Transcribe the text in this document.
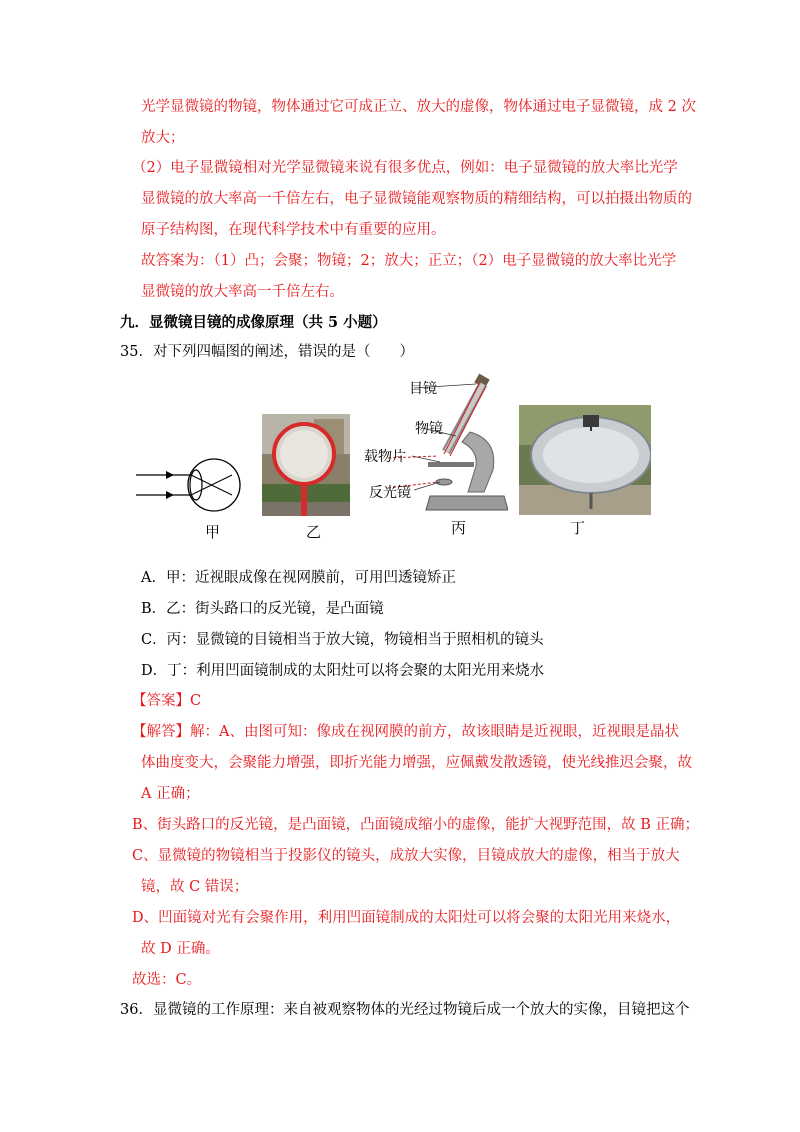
光学显微镜的物镜，物体通过它可成正立、放大的虚像，物体通过电子显微镜，成 2 次
放大；
（2）电子显微镜相对光学显微镜来说有很多优点，例如：电子显微镜的放大率比光学
显微镜的放大率高一千倍左右，电子显微镜能观察物质的精细结构，可以拍摄出物质的
原子结构图，在现代科学技术中有重要的应用。
故答案为：（1）凸；会聚；物镜；2；放大；正立；（2）电子显微镜的放大率比光学
显微镜的放大率高一千倍左右。
九．显微镜目镜的成像原理（共 5 小题）
35．对下列四幅图的阐述，错误的是（　　）
甲	乙
目镜
物镜
载物片
反光镜
丙	丁
A．甲：近视眼成像在视网膜前，可用凹透镜矫正
B．乙：街头路口的反光镜，是凸面镜
C．丙：显微镜的目镜相当于放大镜，物镜相当于照相机的镜头
D．丁：利用凹面镜制成的太阳灶可以将会聚的太阳光用来烧水
【答案】C
【解答】解：A、由图可知：像成在视网膜的前方，故该眼睛是近视眼，近视眼是晶状
体曲度变大，会聚能力增强，即折光能力增强，应佩戴发散透镜，使光线推迟会聚，故
A 正确；
B、街头路口的反光镜，是凸面镜，凸面镜成缩小的虚像，能扩大视野范围，故 B 正确；
C、显微镜的物镜相当于投影仪的镜头，成放大实像，目镜成放大的虚像，相当于放大
镜，故 C 错误；
D、凹面镜对光有会聚作用，利用凹面镜制成的太阳灶可以将会聚的太阳光用来烧水，
故 D 正确。
故选：C。
36．显微镜的工作原理：来自被观察物体的光经过物镜后成一个放大的实像，目镜把这个
